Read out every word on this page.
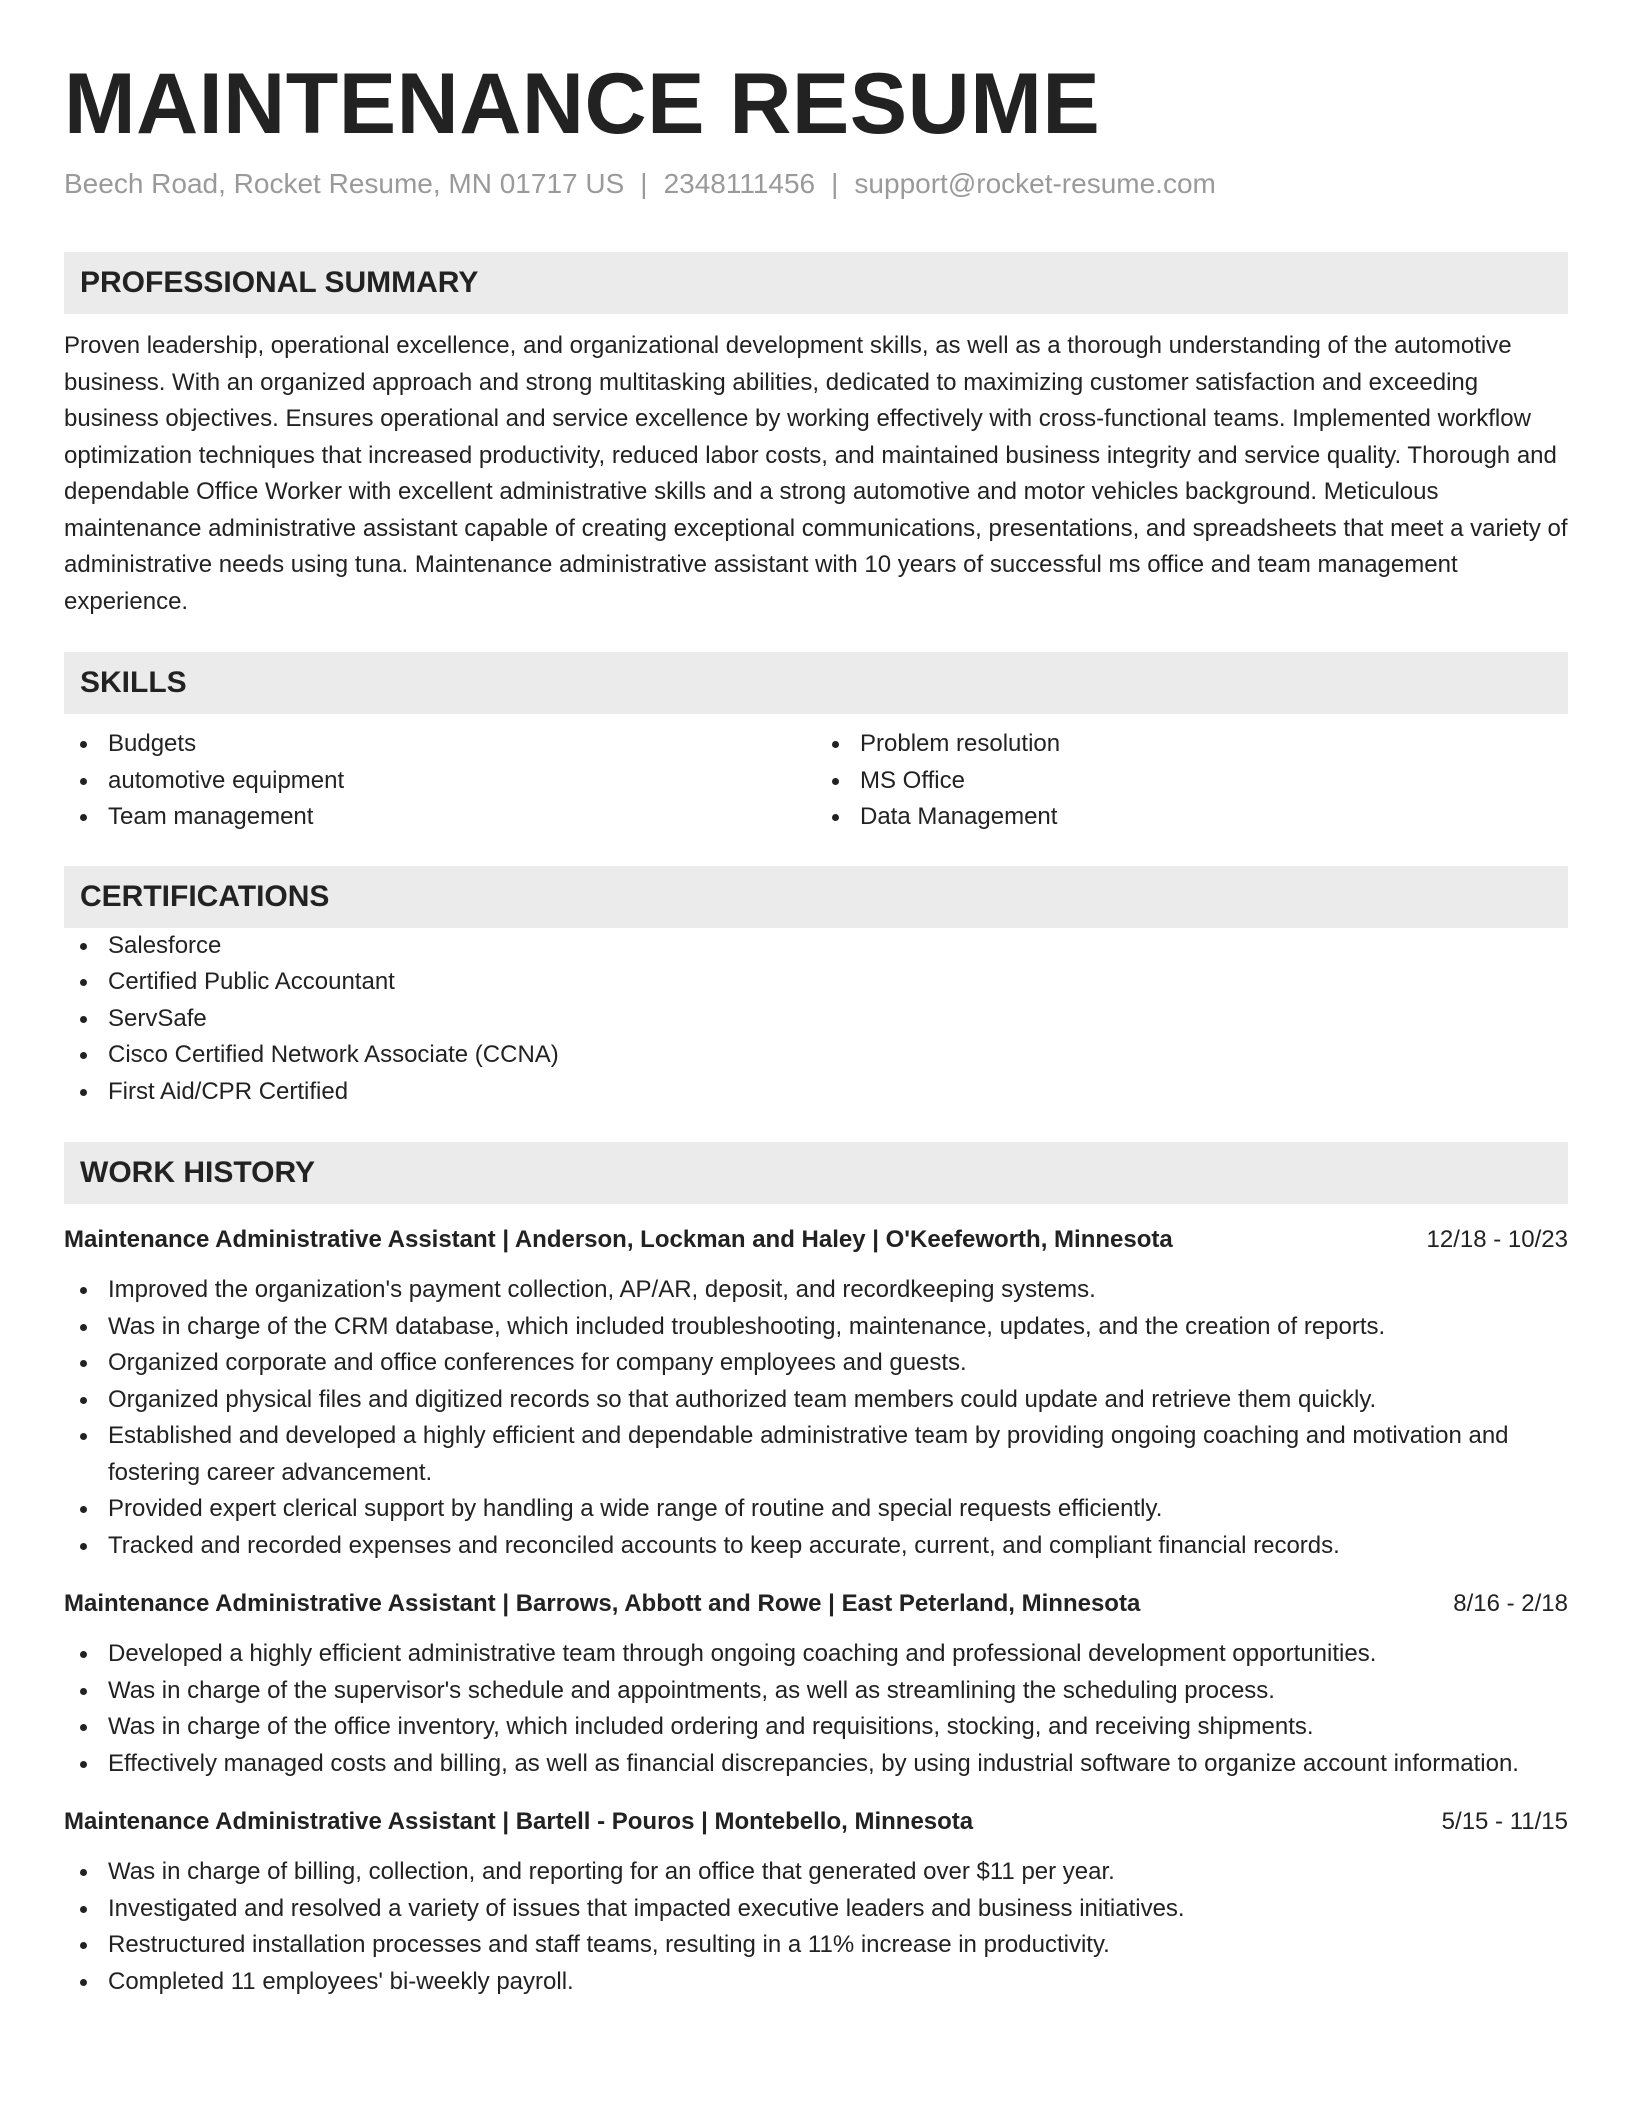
MAINTENANCE RESUME
Beech Road, Rocket Resume, MN 01717 US | 2348111456 | support@rocket-resume.com
PROFESSIONAL SUMMARY

Proven leadership, operational excellence, and organizational development skills, as well as a thorough understanding of the automotive business. With an organized approach and strong multitasking abilities, dedicated to maximizing customer satisfaction and exceeding business objectives. Ensures operational and service excellence by working effectively with cross-functional teams. Implemented workflow optimization techniques that increased productivity, reduced labor costs, and maintained business integrity and service quality. Thorough and dependable Office Worker with excellent administrative skills and a strong automotive and motor vehicles background. Meticulous maintenance administrative assistant capable of creating exceptional communications, presentations, and spreadsheets that meet a variety of administrative needs using tuna. Maintenance administrative assistant with 10 years of successful ms office and team management experience.

SKILLS
Budgets
automotive equipment
Team management
Problem resolution
MS Office
Data Management
CERTIFICATIONS
Salesforce
Certified Public Accountant
ServSafe
Cisco Certified Network Associate (CCNA)
First Aid/CPR Certified
WORK HISTORY
Maintenance Administrative Assistant | Anderson, Lockman and Haley | O'Keefeworth, Minnesota	12/18 - 10/23
Improved the organization's payment collection, AP/AR, deposit, and recordkeeping systems.
Was in charge of the CRM database, which included troubleshooting, maintenance, updates, and the creation of reports.
Organized corporate and office conferences for company employees and guests.
Organized physical files and digitized records so that authorized team members could update and retrieve them quickly.
Established and developed a highly efficient and dependable administrative team by providing ongoing coaching and motivation and fostering career advancement.
Provided expert clerical support by handling a wide range of routine and special requests efficiently.
Tracked and recorded expenses and reconciled accounts to keep accurate, current, and compliant financial records.
Maintenance Administrative Assistant | Barrows, Abbott and Rowe | East Peterland, Minnesota	8/16 - 2/18
Developed a highly efficient administrative team through ongoing coaching and professional development opportunities.
Was in charge of the supervisor's schedule and appointments, as well as streamlining the scheduling process.
Was in charge of the office inventory, which included ordering and requisitions, stocking, and receiving shipments.
Effectively managed costs and billing, as well as financial discrepancies, by using industrial software to organize account information.
Maintenance Administrative Assistant | Bartell - Pouros | Montebello, Minnesota	5/15 - 11/15
Was in charge of billing, collection, and reporting for an office that generated over $11 per year.
Investigated and resolved a variety of issues that impacted executive leaders and business initiatives.
Restructured installation processes and staff teams, resulting in a 11% increase in productivity.
Completed 11 employees' bi-weekly payroll.
